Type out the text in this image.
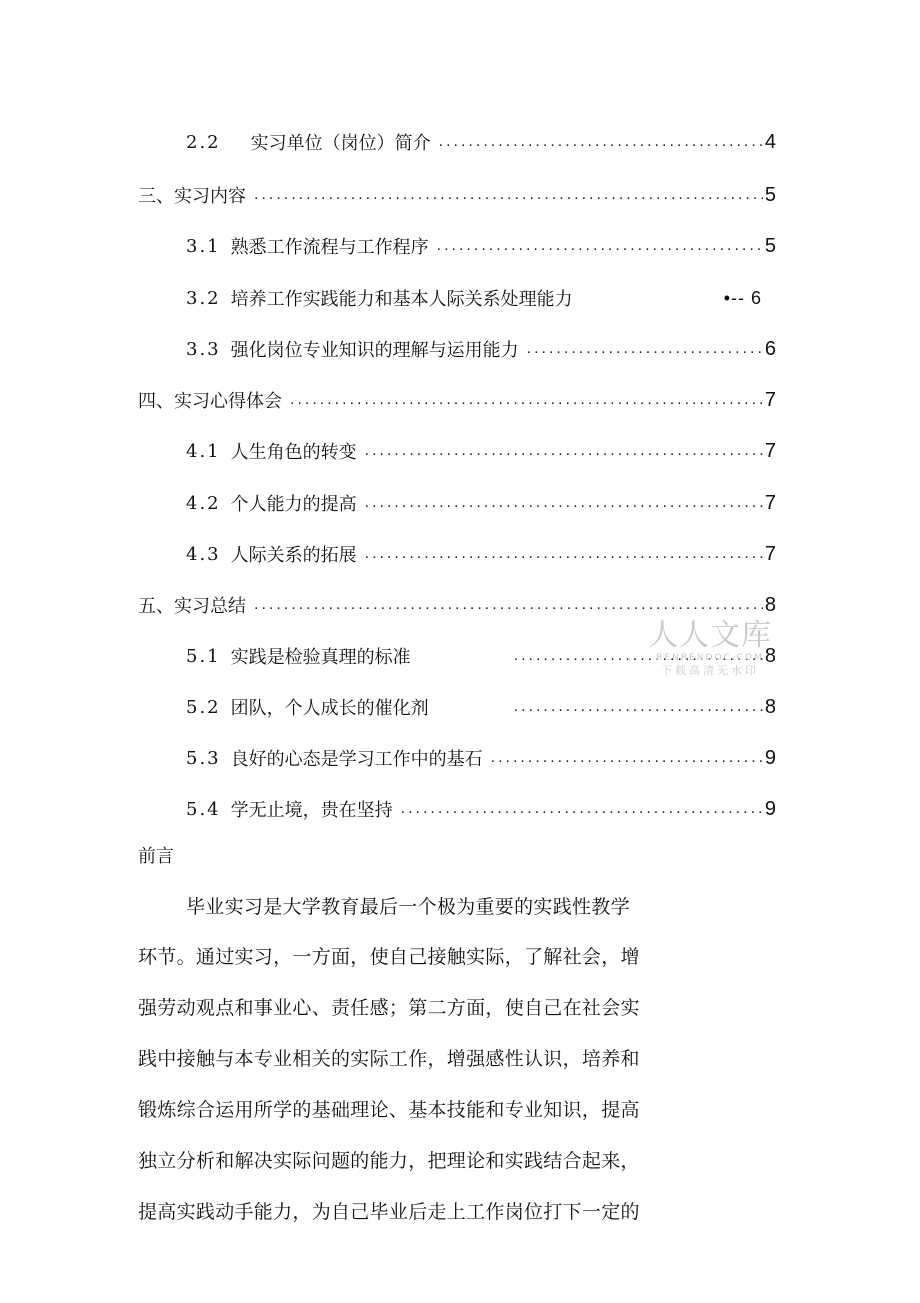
2.2 实习单位（岗位）简介 .....	4
三、实习内容 .....	5
3.1 熟悉工作流程与工作程序 .....	5
3.2 培养工作实践能力和基本人际关系处理能力	•-- 6
3.3 强化岗位专业知识的理解与运用能力 .....	6
四、实习心得体会 .....	7
4.1 人生角色的转变 .....	7
4.2 个人能力的提高 .....	7
4.3 人际关系的拓展 .....	7
五、实习总结 .....	8
5.1 实践是检验真理的标准 .....	8
5.2 团队，个人成长的催化剂 .....	8
5.3 良好的心态是学习工作中的基石 .....	9
5.4 学无止境，贵在坚持 .....	9
人人文库
RENRENDOC.COM
下载高清无水印
前言
毕业实习是大学教育最后一个极为重要的实践性教学
环节。通过实习，一方面，使自己接触实际，了解社会，增
强劳动观点和事业心、责任感；第二方面，使自己在社会实
践中接触与本专业相关的实际工作，增强感性认识，培养和
锻炼综合运用所学的基础理论、基本技能和专业知识，提高
独立分析和解决实际问题的能力，把理论和实践结合起来，
提高实践动手能力，为自己毕业后走上工作岗位打下一定的
